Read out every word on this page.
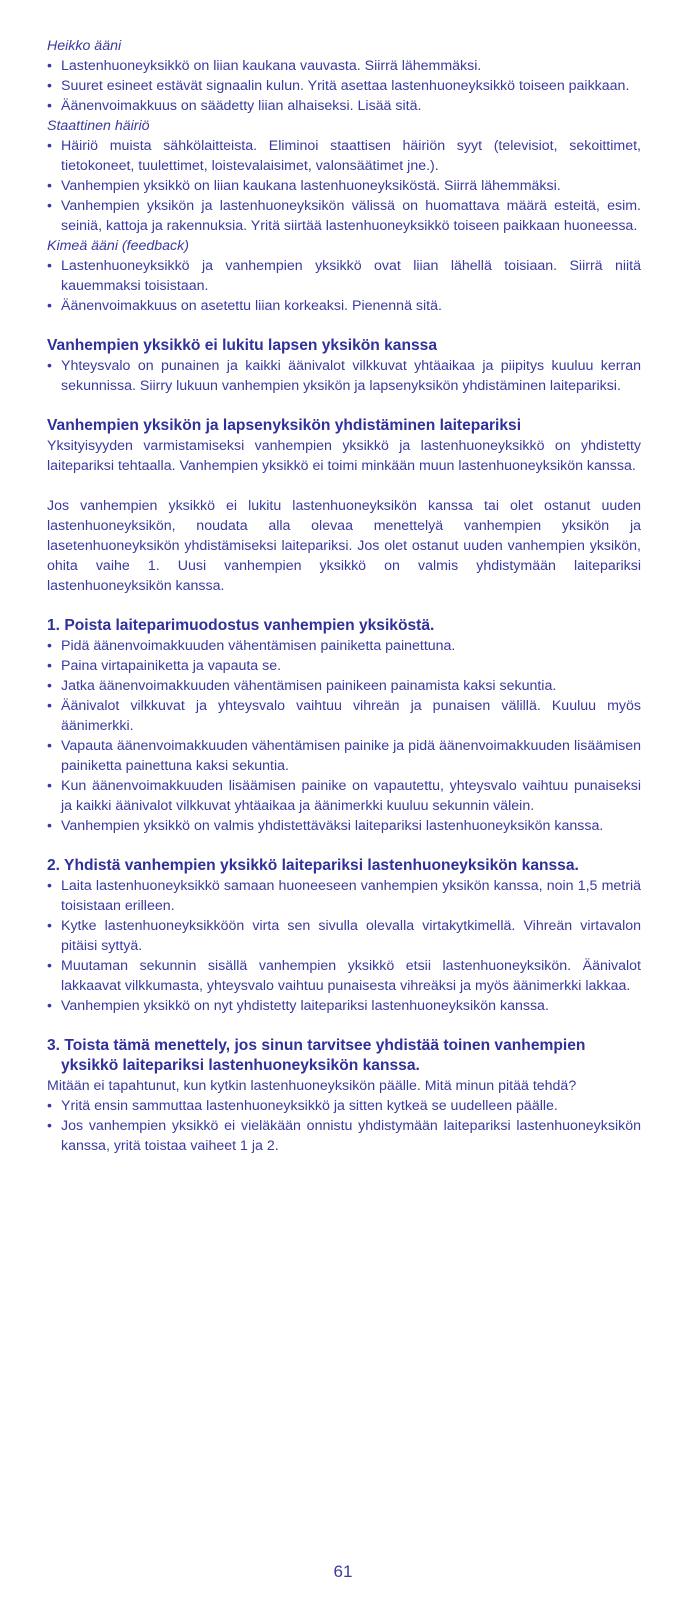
Heikko ääni
• Lastenhuoneyksikkö on liian kaukana vauvasta. Siirrä lähemmäksi.
• Suuret esineet estävät signaalin kulun. Yritä asettaa lastenhuoneyksikkö toiseen paikkaan.
• Äänenvoimakkuus on säädetty liian alhaiseksi. Lisää sitä.
Staattinen häiriö
• Häiriö muista sähkölaitteista. Eliminoi staattisen häiriön syyt (televisiot, sekoittimet, tietokoneet, tuulettimet, loistevalaisimet, valonsäätimet jne.).
• Vanhempien yksikkö on liian kaukana lastenhuoneyksiköstä. Siirrä lähemmäksi.
• Vanhempien yksikön ja lastenhuoneyksikön välissä on huomattava määrä esteitä, esim. seiniä, kattoja ja rakennuksia. Yritä siirtää lastenhuoneyksikkö toiseen paikkaan huoneessa.
Kimeä ääni (feedback)
• Lastenhuoneyksikkö ja vanhempien yksikkö ovat liian lähellä toisiaan. Siirrä niitä kauemmaksi toisistaan.
• Äänenvoimakkuus on asetettu liian korkeaksi. Pienennä sitä.
Vanhempien yksikkö ei lukitu lapsen yksikön kanssa
• Yhteysvalo on punainen ja kaikki äänivalot vilkkuvat yhtäaikaa ja piipitys kuuluu kerran sekunnissa. Siirry lukuun vanhempien yksikön ja lapsenyksikön yhdistäminen laitepariksi.
Vanhempien yksikön ja lapsenyksikön yhdistäminen laitepariksi

Yksityisyyden varmistamiseksi vanhempien yksikkö ja lastenhuoneyksikkö on yhdistetty laitepariksi tehtaalla. Vanhempien yksikkö ei toimi minkään muun lastenhuoneyksikön kanssa.

Jos vanhempien yksikkö ei lukitu lastenhuoneyksikön kanssa tai olet ostanut uuden lastenhuoneyksikön, noudata alla olevaa menettelyä vanhempien yksikön ja lasetenhuoneyksikön yhdistämiseksi laitepariksi. Jos olet ostanut uuden vanhempien yksikön, ohita vaihe 1. Uusi vanhempien yksikkö on valmis yhdistymään laitepariksi lastenhuoneyksikön kanssa.

1. Poista laiteparimuodostus vanhempien yksiköstä.
• Pidä äänenvoimakkuuden vähentämisen painiketta painettuna.
• Paina virtapainiketta ja vapauta se.
• Jatka äänenvoimakkuuden vähentämisen painikeen painamista kaksi sekuntia.
• Äänivalot vilkkuvat ja yhteysvalo vaihtuu vihreän ja punaisen välillä. Kuuluu myös äänimerkki.
• Vapauta äänenvoimakkuuden vähentämisen painike ja pidä äänenvoimakkuuden lisäämisen painiketta painettuna kaksi sekuntia.
• Kun äänenvoimakkuuden lisäämisen painike on vapautettu, yhteysvalo vaihtuu punaiseksi ja kaikki äänivalot vilkkuvat yhtäaikaa ja äänimerkki kuuluu sekunnin välein.
• Vanhempien yksikkö on valmis yhdistettäväksi laitepariksi lastenhuoneyksikön kanssa.
2. Yhdistä vanhempien yksikkö laitepariksi lastenhuoneyksikön kanssa.
• Laita lastenhuoneyksikkö samaan huoneeseen vanhempien yksikön kanssa, noin 1,5 metriä toisistaan erilleen.
• Kytke lastenhuoneyksikköön virta sen sivulla olevalla virtakytkimellä. Vihreän virtavalon pitäisi syttyä.
• Muutaman sekunnin sisällä vanhempien yksikkö etsii lastenhuoneyksikön. Äänivalot lakkaavat vilkkumasta, yhteysvalo vaihtuu punaisesta vihreäksi ja myös äänimerkki lakkaa.
• Vanhempien yksikkö on nyt yhdistetty laitepariksi lastenhuoneyksikön kanssa.
3. Toista tämä menettely, jos sinun tarvitsee yhdistää toinen vanhempien yksikkö laitepariksi lastenhuoneyksikön kanssa.

Mitään ei tapahtunut, kun kytkin lastenhuoneyksikön päälle. Mitä minun pitää tehdä?

• Yritä ensin sammuttaa lastenhuoneyksikkö ja sitten kytkeä se uudelleen päälle.
• Jos vanhempien yksikkö ei vieläkään onnistu yhdistymään laitepariksi lastenhuoneyksikön kanssa, yritä toistaa vaiheet 1 ja 2.
61
